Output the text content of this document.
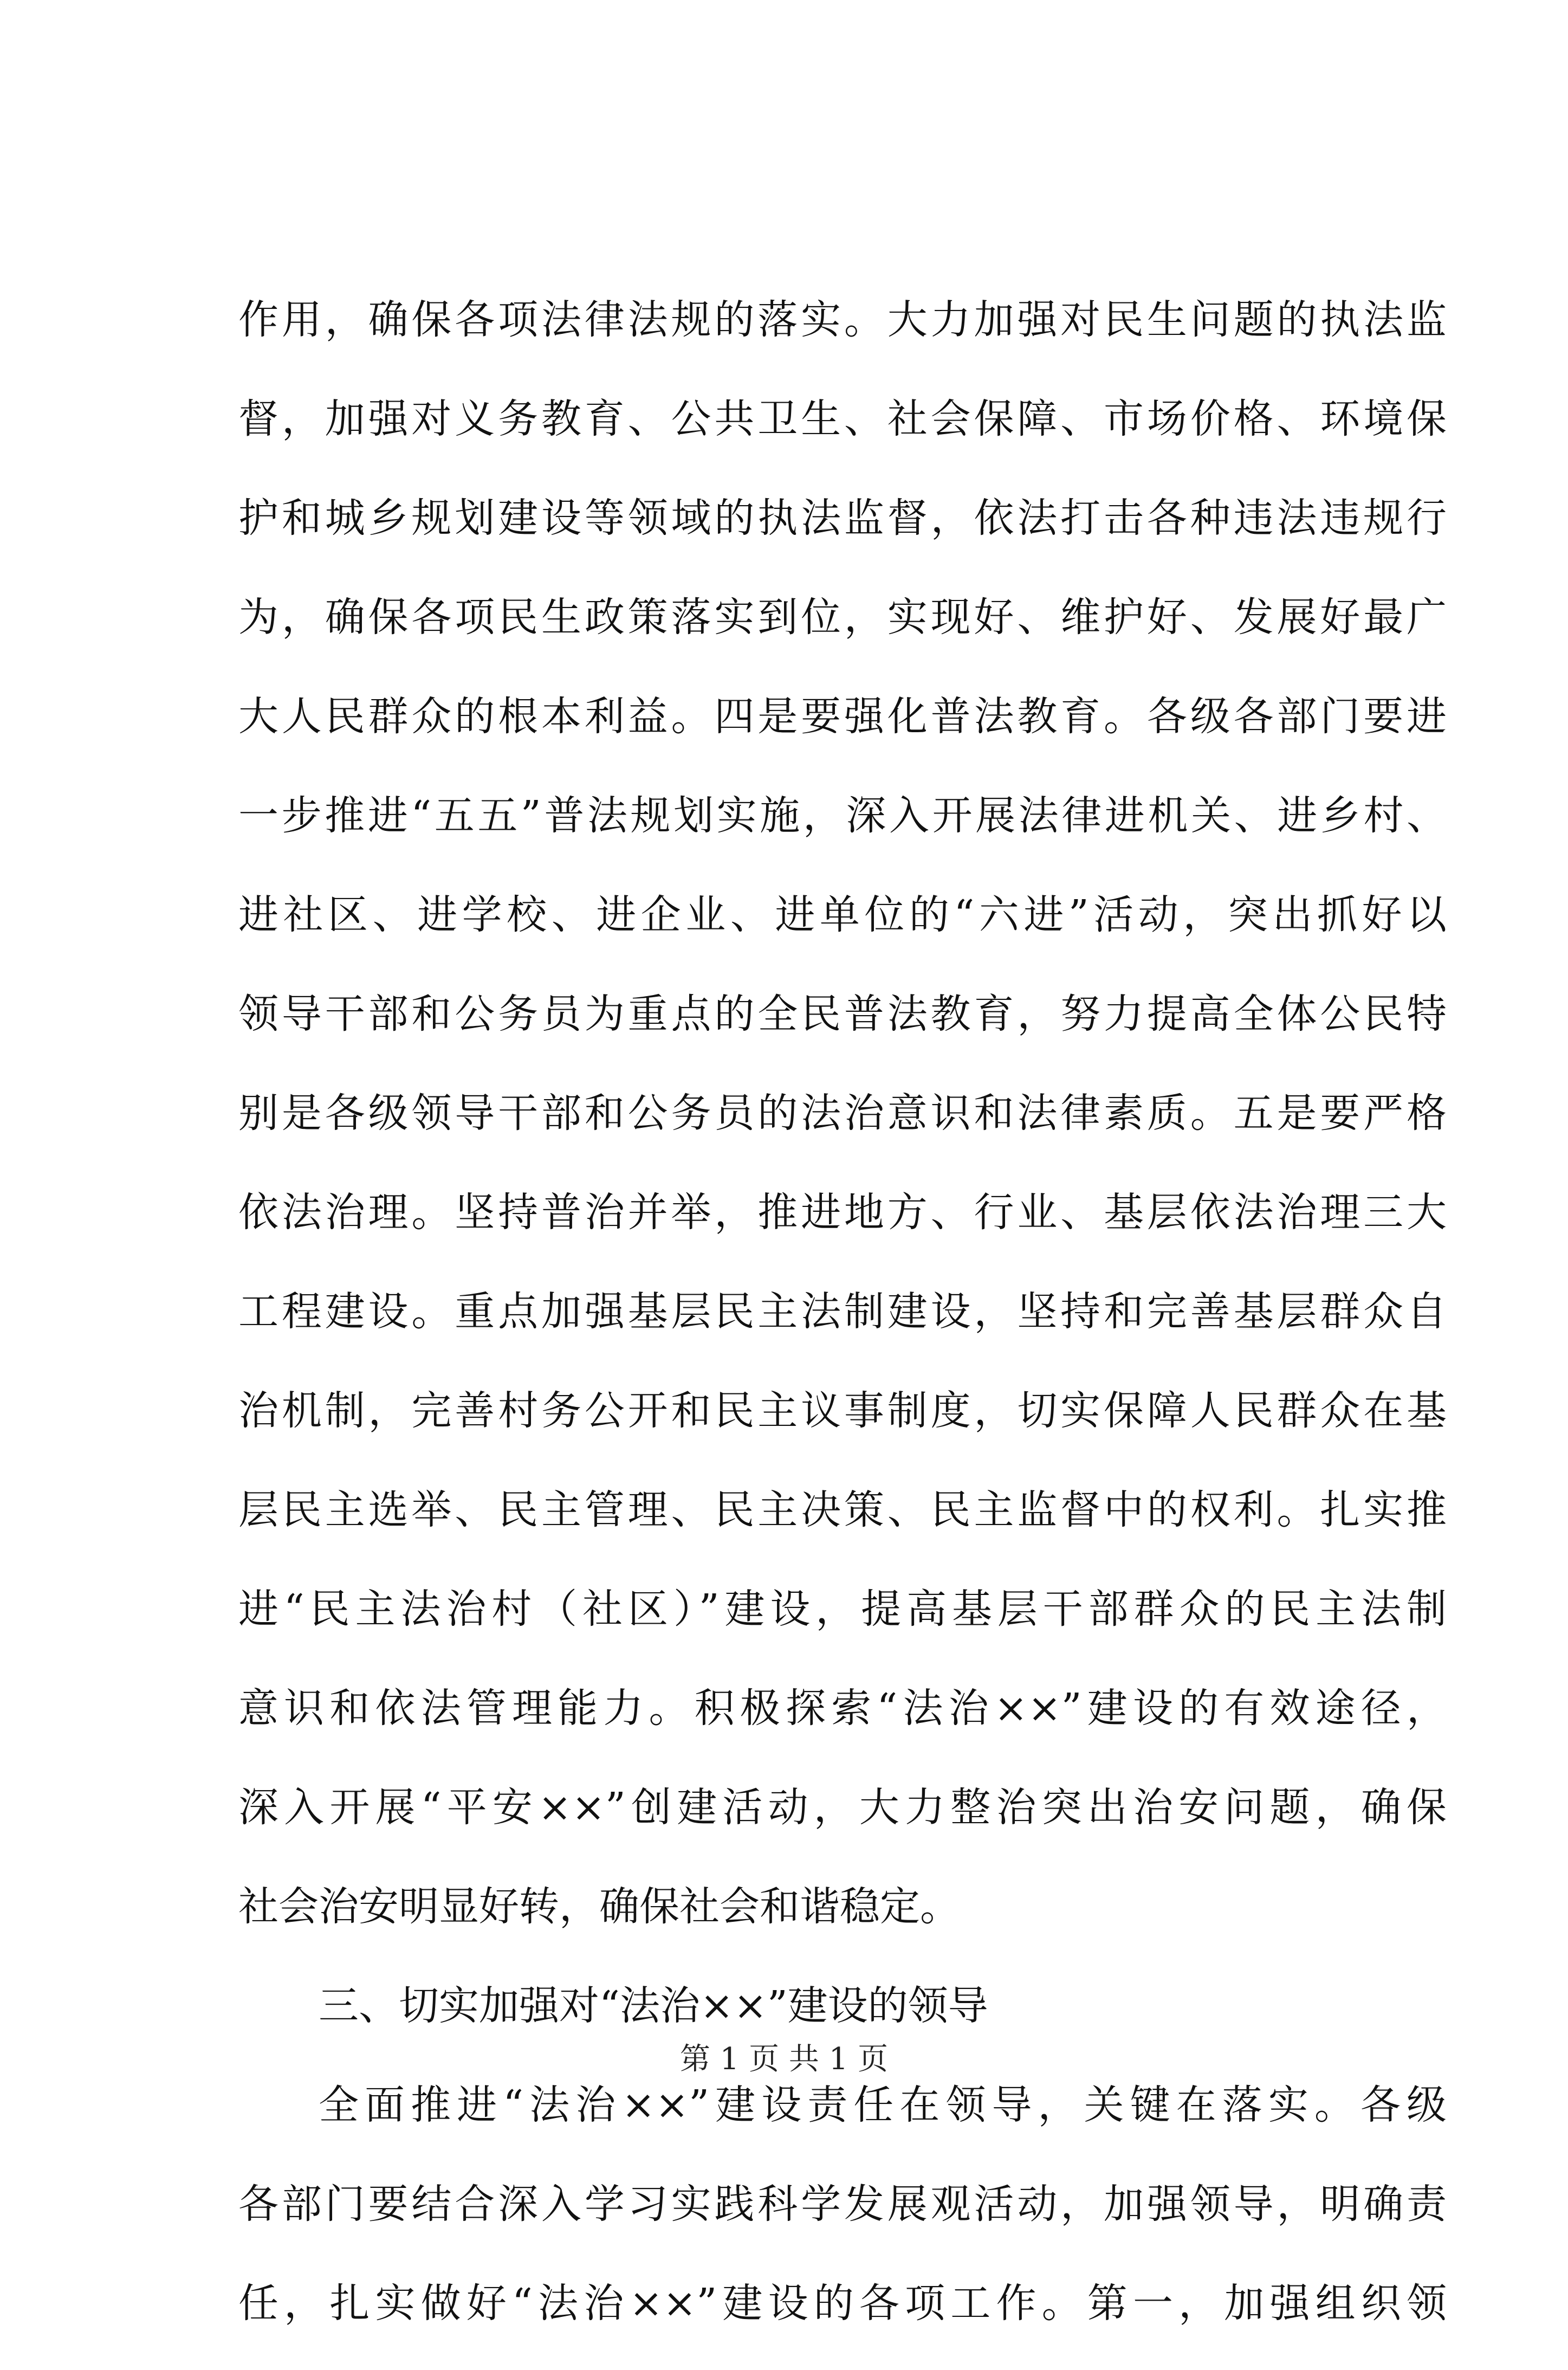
作用，确保各项法律法规的落实。大力加强对民生问题的执法监
督，加强对义务教育、公共卫生、社会保障、市场价格、环境保
护和城乡规划建设等领域的执法监督，依法打击各种违法违规行
为，确保各项民生政策落实到位，实现好、维护好、发展好最广
大人民群众的根本利益。四是要强化普法教育。各级各部门要进
一步推进“五五”普法规划实施，深入开展法律进机关、进乡村、
进社区、进学校、进企业、进单位的“六进”活动，突出抓好以
领导干部和公务员为重点的全民普法教育，努力提高全体公民特
别是各级领导干部和公务员的法治意识和法律素质。五是要严格
依法治理。坚持普治并举，推进地方、行业、基层依法治理三大
工程建设。重点加强基层民主法制建设，坚持和完善基层群众自
治机制，完善村务公开和民主议事制度，切实保障人民群众在基
层民主选举、民主管理、民主决策、民主监督中的权利。扎实推
进“民主法治村（社区）”建设，提高基层干部群众的民主法制
意识和依法管理能力。积极探索“法治××”建设的有效途径，
深入开展“平安××”创建活动，大力整治突出治安问题，确保
社会治安明显好转，确保社会和谐稳定。
三、切实加强对“法治××”建设的领导
全面推进“法治××”建设责任在领导，关键在落实。各级
各部门要结合深入学习实践科学发展观活动，加强领导，明确责
任，扎实做好“法治××”建设的各项工作。第一，加强组织领
第 1 页 共 1 页
